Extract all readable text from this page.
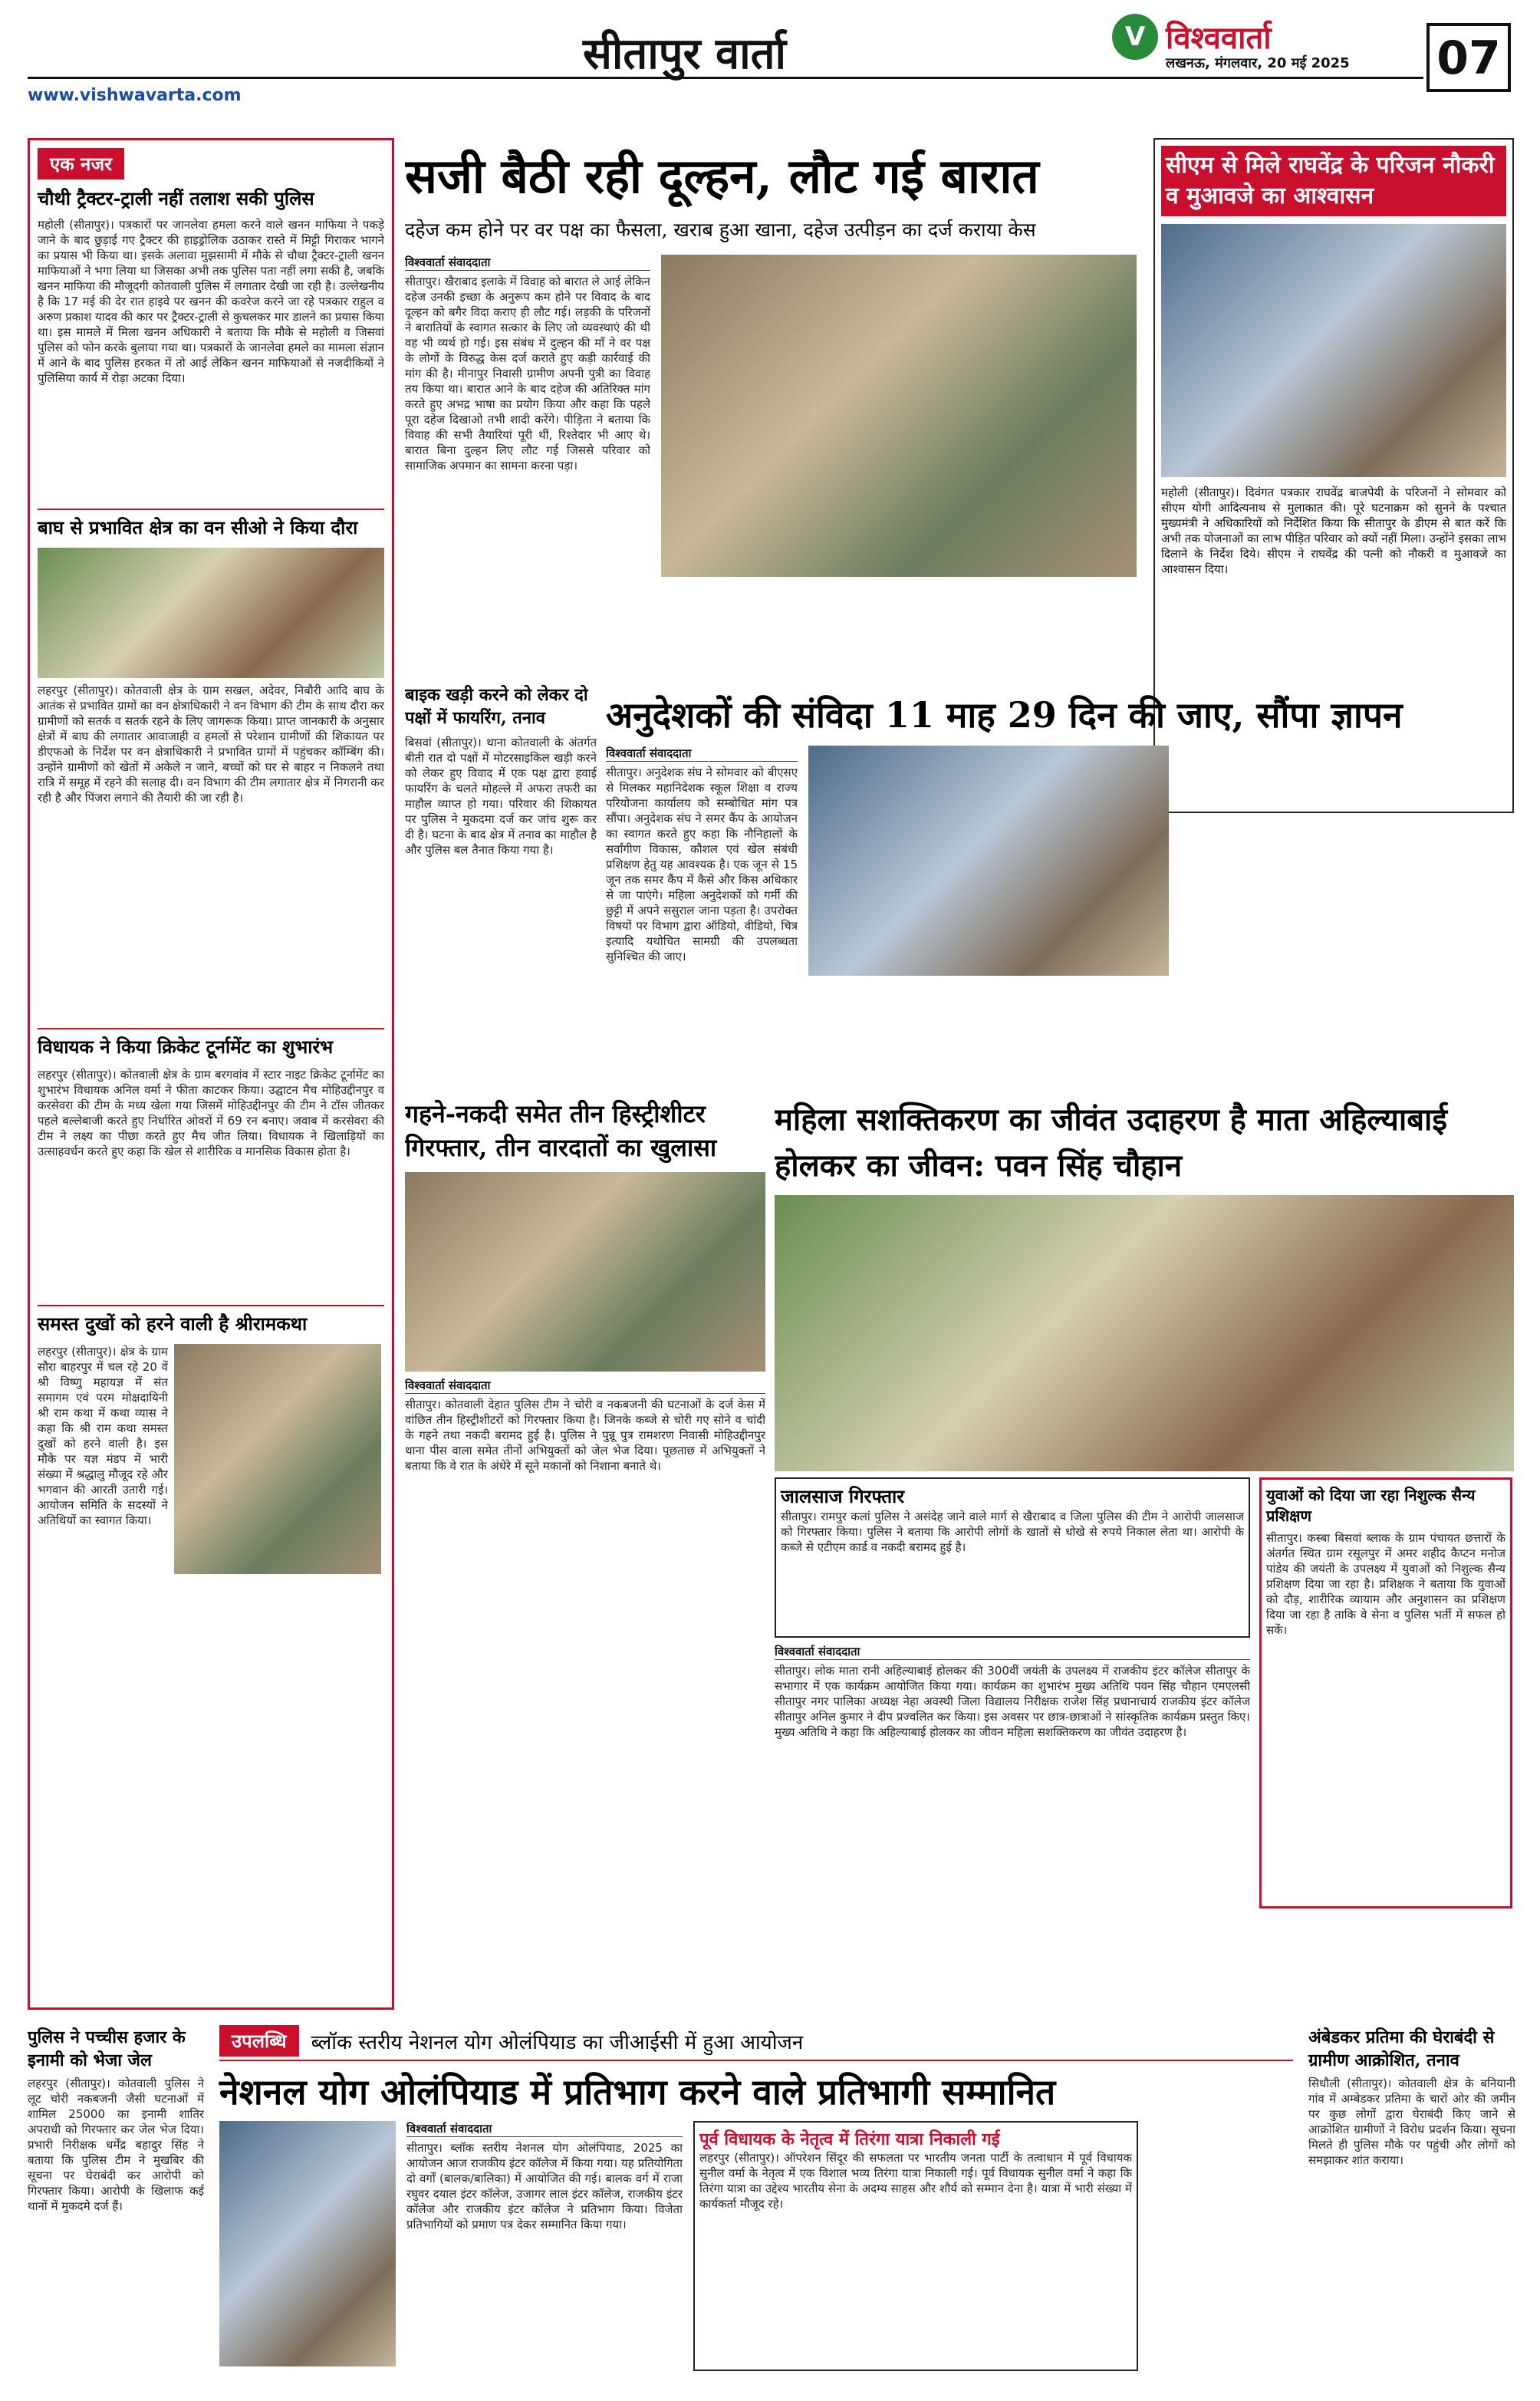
सीतापुर वार्ता
www.vishwavarta.com
V विश्ववार्ता
लखनऊ, मंगलवार, 20 मई 2025 07
एक नजर
चौथी ट्रैक्टर-ट्राली नहीं तलाश सकी पुलिस
महोली (सीतापुर)। पत्रकारों पर जानलेवा हमला करने वाले खनन माफिया ने पकड़े जाने के बाद छुड़ाई गए ट्रैक्टर की हाइड्रोलिक उठाकर रास्ते में मिट्टी गिराकर भागने का प्रयास भी किया था। इसके अलावा मुझसामी में मौके से चौथा ट्रैक्टर-ट्राली खनन माफियाओं ने भगा लिया था जिसका अभी तक पुलिस पता नहीं लगा सकी है, जबकि खनन माफिया की मौजूदगी कोतवाली पुलिस में लगातार देखी जा रही है। उल्लेखनीय है कि 17 मई की देर रात हाइवे पर खनन की कवरेज करने जा रहे पत्रकार राहुल व अरुण प्रकाश यादव की कार पर ट्रैक्टर-ट्राली से कुचलकर मार डालने का प्रयास किया था। इस मामले में मिला खनन अधिकारी ने बताया कि मौके से महोली व जिसवां पुलिस को फोन करके बुलाया गया था। पत्रकारों के जानलेवा हमले का मामला संज्ञान में आने के बाद पुलिस हरकत में तो आई लेकिन खनन माफियाओं से नजदीकियों ने पुलिसिया कार्य में रोड़ा अटका दिया।
बाघ से प्रभावित क्षेत्र का वन सीओ ने किया दौरा
लहरपुर (सीतापुर)। कोतवाली क्षेत्र के ग्राम सखल, अदेवर, निबौरी आदि बाघ के आतंक से प्रभावित ग्रामों का वन क्षेत्राधिकारी ने वन विभाग की टीम के साथ दौरा कर ग्रामीणों को सतर्क व सतर्क रहने के लिए जागरूक किया। प्राप्त जानकारी के अनुसार क्षेत्रों में बाघ की लगातार आवाजाही व हमलों से परेशान ग्रामीणों की शिकायत पर डीएफओ के निर्देश पर वन क्षेत्राधिकारी ने प्रभावित ग्रामों में पहुंचकर कॉम्बिंग की। उन्होंने ग्रामीणों को खेतों में अकेले न जाने, बच्चों को घर से बाहर न निकलने तथा रात्रि में समूह में रहने की सलाह दी। वन विभाग की टीम लगातार क्षेत्र में निगरानी कर रही है और पिंजरा लगाने की तैयारी की जा रही है।
विधायक ने किया क्रिकेट टूर्नामेंट का शुभारंभ
लहरपुर (सीतापुर)। कोतवाली क्षेत्र के ग्राम बरगवांव में स्टार नाइट क्रिकेट टूर्नामेंट का शुभारंभ विधायक अनिल वर्मा ने फीता काटकर किया। उद्घाटन मैच मोहिउद्दीनपुर व करसेवरा की टीम के मध्य खेला गया जिसमें मोहिउद्दीनपुर की टीम ने टॉस जीतकर पहले बल्लेबाजी करते हुए निर्धारित ओवरों में 69 रन बनाए। जवाब में करसेवरा की टीम ने लक्ष्य का पीछा करते हुए मैच जीत लिया। विधायक ने खिलाड़ियों का उत्साहवर्धन करते हुए कहा कि खेल से शारीरिक व मानसिक विकास होता है।
समस्त दुखों को हरने वाली है श्रीरामकथा
लहरपुर (सीतापुर)। क्षेत्र के ग्राम सौरा बाहरपुर में चल रहे 20 वें श्री विष्णु महायज्ञ में संत समागम एवं परम मोक्षदायिनी श्री राम कथा में कथा व्यास ने कहा कि श्री राम कथा समस्त दुखों को हरने वाली है। इस मौके पर यज्ञ मंडप में भारी संख्या में श्रद्धालु मौजूद रहे और भगवान की आरती उतारी गई। आयोजन समिति के सदस्यों ने अतिथियों का स्वागत किया।
सजी बैठी रही दूल्हन, लौट गई बारात
दहेज कम होने पर वर पक्ष का फैसला, खराब हुआ खाना, दहेज उत्पीड़न का दर्ज कराया केस
विश्ववार्ता संवाददाता
सीतापुर। खैराबाद इलाके में विवाह को बारात ले आई लेकिन दहेज उनकी इच्छा के अनुरूप कम होने पर विवाद के बाद दूल्हन को बगैर विदा कराए ही लौट गई। लड़की के परिजनों ने बारातियों के स्वागत सत्कार के लिए जो व्यवस्थाएं की थी वह भी व्यर्थ हो गई। इस संबंध में दुल्हन की माँ ने वर पक्ष के लोगों के विरुद्ध केस दर्ज कराते हुए कड़ी कार्रवाई की मांग की है। मीनापुर निवासी ग्रामीण अपनी पुत्री का विवाह तय किया था। बारात आने के बाद दहेज की अतिरिक्त मांग करते हुए अभद्र भाषा का प्रयोग किया और कहा कि पहले पूरा दहेज दिखाओ तभी शादी करेंगे। पीड़िता ने बताया कि विवाह की सभी तैयारियां पूरी थीं, रिश्तेदार भी आए थे। बारात बिना दुल्हन लिए लौट गई जिससे परिवार को सामाजिक अपमान का सामना करना पड़ा।
सीएम से मिले राघवेंद्र के परिजन नौकरी व मुआवजे का आश्वासन
महोली (सीतापुर)। दिवंगत पत्रकार राघवेंद्र बाजपेयी के परिजनों ने सोमवार को सीएम योगी आदित्यनाथ से मुलाकात की। पूरे घटनाक्रम को सुनने के पश्चात मुख्यमंत्री ने अधिकारियों को निर्देशित किया कि सीतापुर के डीएम से बात करें कि अभी तक योजनाओं का लाभ पीड़ित परिवार को क्यों नहीं मिला। उन्होंने इसका लाभ दिलाने के निर्देश दिये। सीएम ने राघवेंद्र की पत्नी को नौकरी व मुआवजे का आश्वासन दिया।
बाइक खड़ी करने को लेकर दो पक्षों में फायरिंग, तनाव
बिसवां (सीतापुर)। थाना कोतवाली के अंतर्गत बीती रात दो पक्षों में मोटरसाइकिल खड़ी करने को लेकर हुए विवाद में एक पक्ष द्वारा हवाई फायरिंग के चलते मोहल्ले में अफरा तफरी का माहौल व्याप्त हो गया। परिवार की शिकायत पर पुलिस ने मुकदमा दर्ज कर जांच शुरू कर दी है। घटना के बाद क्षेत्र में तनाव का माहौल है और पुलिस बल तैनात किया गया है।
अनुदेशकों की संविदा 11 माह 29 दिन की जाए, सौंपा ज्ञापन
विश्ववार्ता संवाददाता
सीतापुर। अनुदेशक संघ ने सोमवार को बीएसए से मिलकर महानिदेशक स्कूल शिक्षा व राज्य परियोजना कार्यालय को सम्बोधित मांग पत्र सौंपा। अनुदेशक संघ ने समर कैंप के आयोजन का स्वागत करते हुए कहा कि नौनिहालों के सर्वांगीण विकास, कौशल एवं खेल संबंधी प्रशिक्षण हेतु यह आवश्यक है। एक जून से 15 जून तक समर कैंप में कैसे और किस अधिकार से जा पाएंगे। महिला अनुदेशकों को गर्मी की छुट्टी में अपने ससुराल जाना पड़ता है। उपरोक्त विषयों पर विभाग द्वारा ऑडियो, वीडियो, चित्र इत्यादि यथोचित सामग्री की उपलब्धता सुनिश्चित की जाए।
गहने-नकदी समेत तीन हिस्ट्रीशीटर गिरफ्तार, तीन वारदातों का खुलासा
विश्ववार्ता संवाददाता
सीतापुर। कोतवाली देहात पुलिस टीम ने चोरी व नकबजनी की घटनाओं के दर्ज केस में वांछित तीन हिस्ट्रीशीटरों को गिरफ्तार किया है। जिनके कब्जे से चोरी गए सोने व चांदी के गहने तथा नकदी बरामद हुई है। पुलिस ने पुन्नू पुत्र रामशरण निवासी मोहिउद्दीनपुर थाना पीस वाला समेत तीनों अभियुक्तों को जेल भेज दिया। पूछताछ में अभियुक्तों ने बताया कि वे रात के अंधेरे में सूने मकानों को निशाना बनाते थे।
महिला सशक्तिकरण का जीवंत उदाहरण है माता अहिल्याबाई होलकर का जीवन: पवन सिंह चौहान
जालसाज गिरफ्तार
सीतापुर। रामपुर कलां पुलिस ने असंदेह जाने वाले मार्ग से खैराबाद व जिला पुलिस की टीम ने आरोपी जालसाज को गिरफ्तार किया। पुलिस ने बताया कि आरोपी लोगों के खातों से धोखे से रुपये निकाल लेता था। आरोपी के कब्जे से एटीएम कार्ड व नकदी बरामद हुई है।
विश्ववार्ता संवाददाता
सीतापुर। लोक माता रानी अहिल्याबाई होलकर की 300वीं जयंती के उपलक्ष्य में राजकीय इंटर कॉलेज सीतापुर के सभागार में एक कार्यक्रम आयोजित किया गया। कार्यक्रम का शुभारंभ मुख्य अतिथि पवन सिंह चौहान एमएलसी सीतापुर नगर पालिका अध्यक्ष नेहा अवस्थी जिला विद्यालय निरीक्षक राजेश सिंह प्रधानाचार्य राजकीय इंटर कॉलेज सीतापुर अनिल कुमार ने दीप प्रज्वलित कर किया। इस अवसर पर छात्र-छात्राओं ने सांस्कृतिक कार्यक्रम प्रस्तुत किए। मुख्य अतिथि ने कहा कि अहिल्याबाई होलकर का जीवन महिला सशक्तिकरण का जीवंत उदाहरण है।
युवाओं को दिया जा रहा निशुल्क सैन्य प्रशिक्षण
सीतापुर। कस्बा बिसवां ब्लाक के ग्राम पंचायत छत्तारों के अंतर्गत स्थित ग्राम रसूलपुर में अमर शहीद कैप्टन मनोज पांडेय की जयंती के उपलक्ष्य में युवाओं को निशुल्क सैन्य प्रशिक्षण दिया जा रहा है। प्रशिक्षक ने बताया कि युवाओं को दौड़, शारीरिक व्यायाम और अनुशासन का प्रशिक्षण दिया जा रहा है ताकि वे सेना व पुलिस भर्ती में सफल हो सकें।
पुलिस ने पच्चीस हजार के इनामी को भेजा जेल
लहरपुर (सीतापुर)। कोतवाली पुलिस ने लूट चोरी नकबजनी जैसी घटनाओं में शामिल 25000 का इनामी शातिर अपराधी को गिरफ्तार कर जेल भेज दिया। प्रभारी निरीक्षक धर्मेंद्र बहादुर सिंह ने बताया कि पुलिस टीम ने मुखबिर की सूचना पर घेराबंदी कर आरोपी को गिरफ्तार किया। आरोपी के खिलाफ कई थानों में मुकदमे दर्ज हैं।
उपलब्धि	ब्लॉक स्तरीय नेशनल योग ओलंपियाड का जीआईसी में हुआ आयोजन
नेशनल योग ओलंपियाड में प्रतिभाग करने वाले प्रतिभागी सम्मानित
विश्ववार्ता संवाददाता
सीतापुर। ब्लॉक स्तरीय नेशनल योग ओलंपियाड, 2025 का आयोजन आज राजकीय इंटर कॉलेज में किया गया। यह प्रतियोगिता दो वर्गों (बालक/बालिका) में आयोजित की गई। बालक वर्ग में राजा रघुवर दयाल इंटर कॉलेज, उजागर लाल इंटर कॉलेज, राजकीय इंटर कॉलेज और राजकीय इंटर कॉलेज ने प्रतिभाग किया। विजेता प्रतिभागियों को प्रमाण पत्र देकर सम्मानित किया गया।
पूर्व विधायक के नेतृत्व में तिरंगा यात्रा निकाली गई
लहरपुर (सीतापुर)। ऑपरेशन सिंदूर की सफलता पर भारतीय जनता पार्टी के तत्वाधान में पूर्व विधायक सुनील वर्मा के नेतृत्व में एक विशाल भव्य तिरंगा यात्रा निकाली गई। पूर्व विधायक सुनील वर्मा ने कहा कि तिरंगा यात्रा का उद्देश्य भारतीय सेना के अदम्य साहस और शौर्य को सम्मान देना है। यात्रा में भारी संख्या में कार्यकर्ता मौजूद रहे।
अंबेडकर प्रतिमा की घेराबंदी से ग्रामीण आक्रोशित, तनाव
सिधौली (सीतापुर)। कोतवाली क्षेत्र के बनियानी गांव में अम्बेडकर प्रतिमा के चारों ओर की जमीन पर कुछ लोगों द्वारा घेराबंदी किए जाने से आक्रोशित ग्रामीणों ने विरोध प्रदर्शन किया। सूचना मिलते ही पुलिस मौके पर पहुंची और लोगों को समझाकर शांत कराया।
